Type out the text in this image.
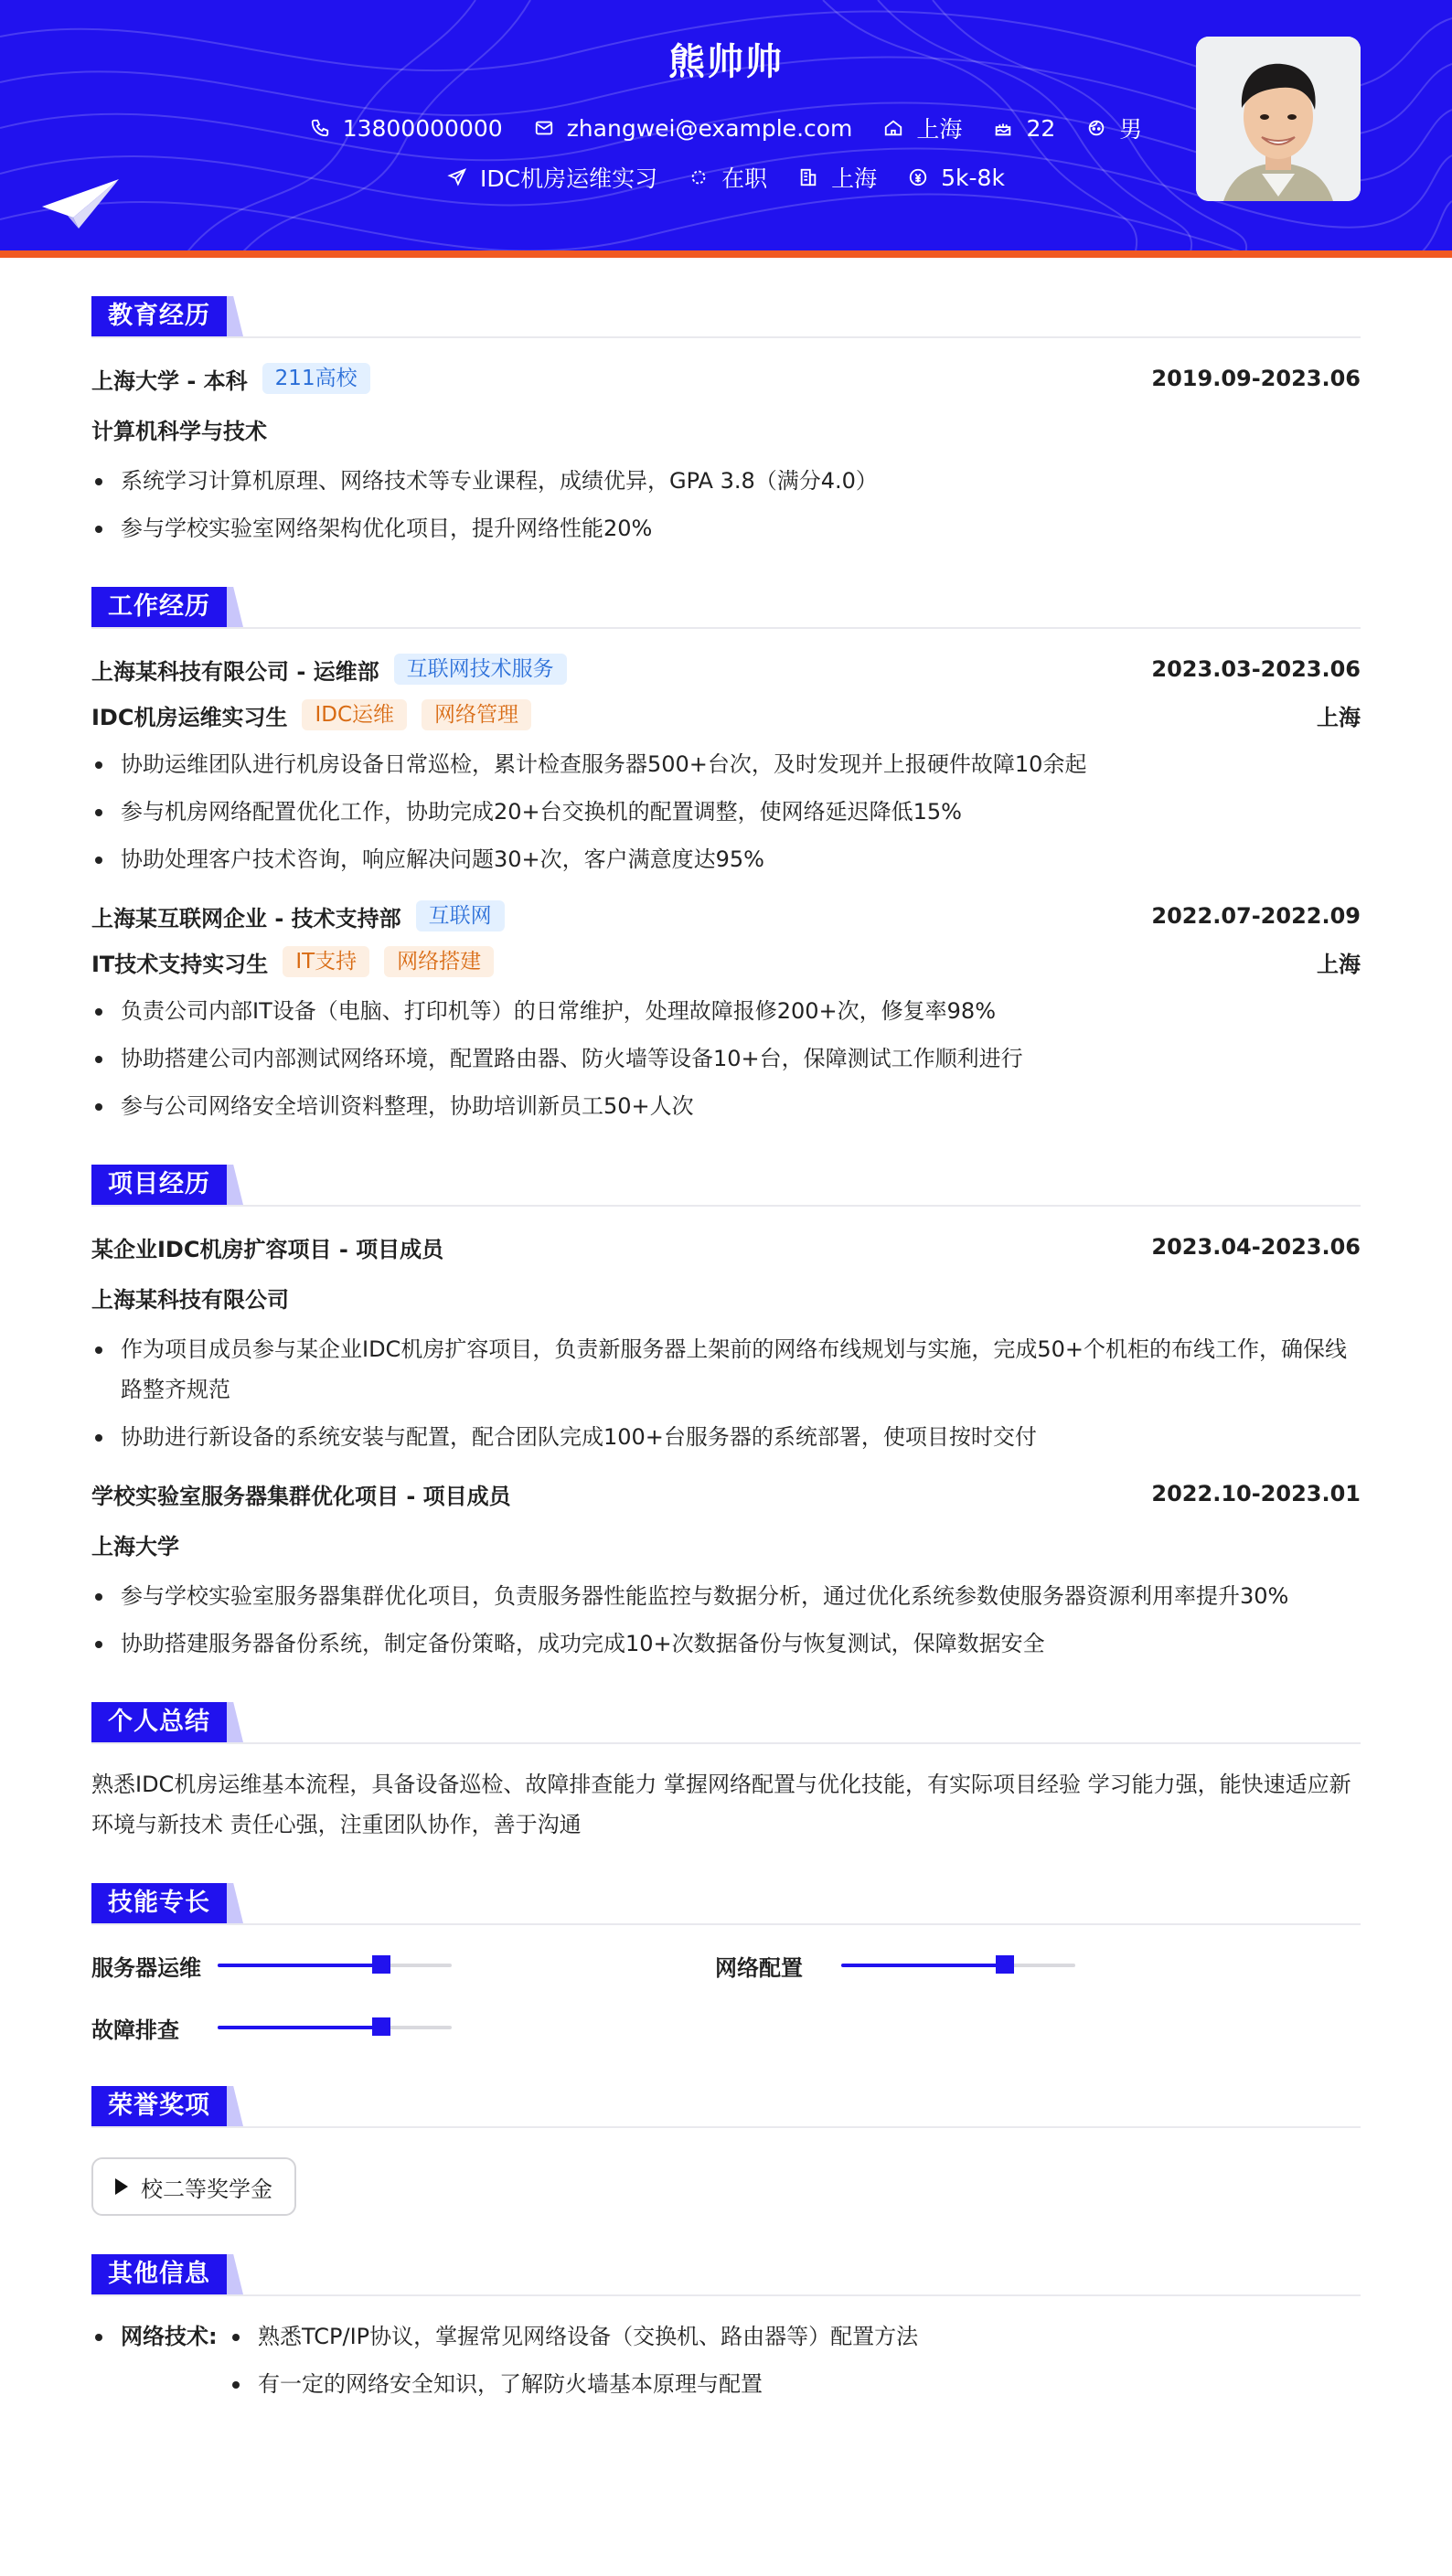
熊帅帅
13800000000	zhangwei@example.com	上海	22	男
IDC机房运维实习	在职	上海	5k-8k
教育经历
上海大学 - 本科	211高校	2019.09-2023.06
计算机科学与技术
系统学习计算机原理、网络技术等专业课程，成绩优异，GPA 3.8（满分4.0）
参与学校实验室网络架构优化项目，提升网络性能20%
工作经历
上海某科技有限公司 - 运维部	互联网技术服务	2023.03-2023.06
IDC机房运维实习生	IDC运维	网络管理	上海
协助运维团队进行机房设备日常巡检，累计检查服务器500+台次，及时发现并上报硬件故障10余起
参与机房网络配置优化工作，协助完成20+台交换机的配置调整，使网络延迟降低15%
协助处理客户技术咨询，响应解决问题30+次，客户满意度达95%
上海某互联网企业 - 技术支持部	互联网	2022.07-2022.09
IT技术支持实习生	IT支持	网络搭建	上海
负责公司内部IT设备（电脑、打印机等）的日常维护，处理故障报修200+次，修复率98%
协助搭建公司内部测试网络环境，配置路由器、防火墙等设备10+台，保障测试工作顺利进行
参与公司网络安全培训资料整理，协助培训新员工50+人次
项目经历
某企业IDC机房扩容项目 - 项目成员	2023.04-2023.06
上海某科技有限公司
作为项目成员参与某企业IDC机房扩容项目，负责新服务器上架前的网络布线规划与实施，完成50+个机柜的布线工作，确保线路整齐规范
协助进行新设备的系统安装与配置，配合团队完成100+台服务器的系统部署，使项目按时交付
学校实验室服务器集群优化项目 - 项目成员	2022.10-2023.01
上海大学
参与学校实验室服务器集群优化项目，负责服务器性能监控与数据分析，通过优化系统参数使服务器资源利用率提升30%
协助搭建服务器备份系统，制定备份策略，成功完成10+次数据备份与恢复测试，保障数据安全
个人总结
熟悉IDC机房运维基本流程，具备设备巡检、故障排查能力 掌握网络配置与优化技能，有实际项目经验 学习能力强，能快速适应新环境与新技术 责任心强，注重团队协作，善于沟通
技能专长
服务器运维	网络配置
故障排查
荣誉奖项
校二等奖学金
其他信息
网络技术:	熟悉TCP/IP协议，掌握常见网络设备（交换机、路由器等）配置方法
有一定的网络安全知识，了解防火墙基本原理与配置
